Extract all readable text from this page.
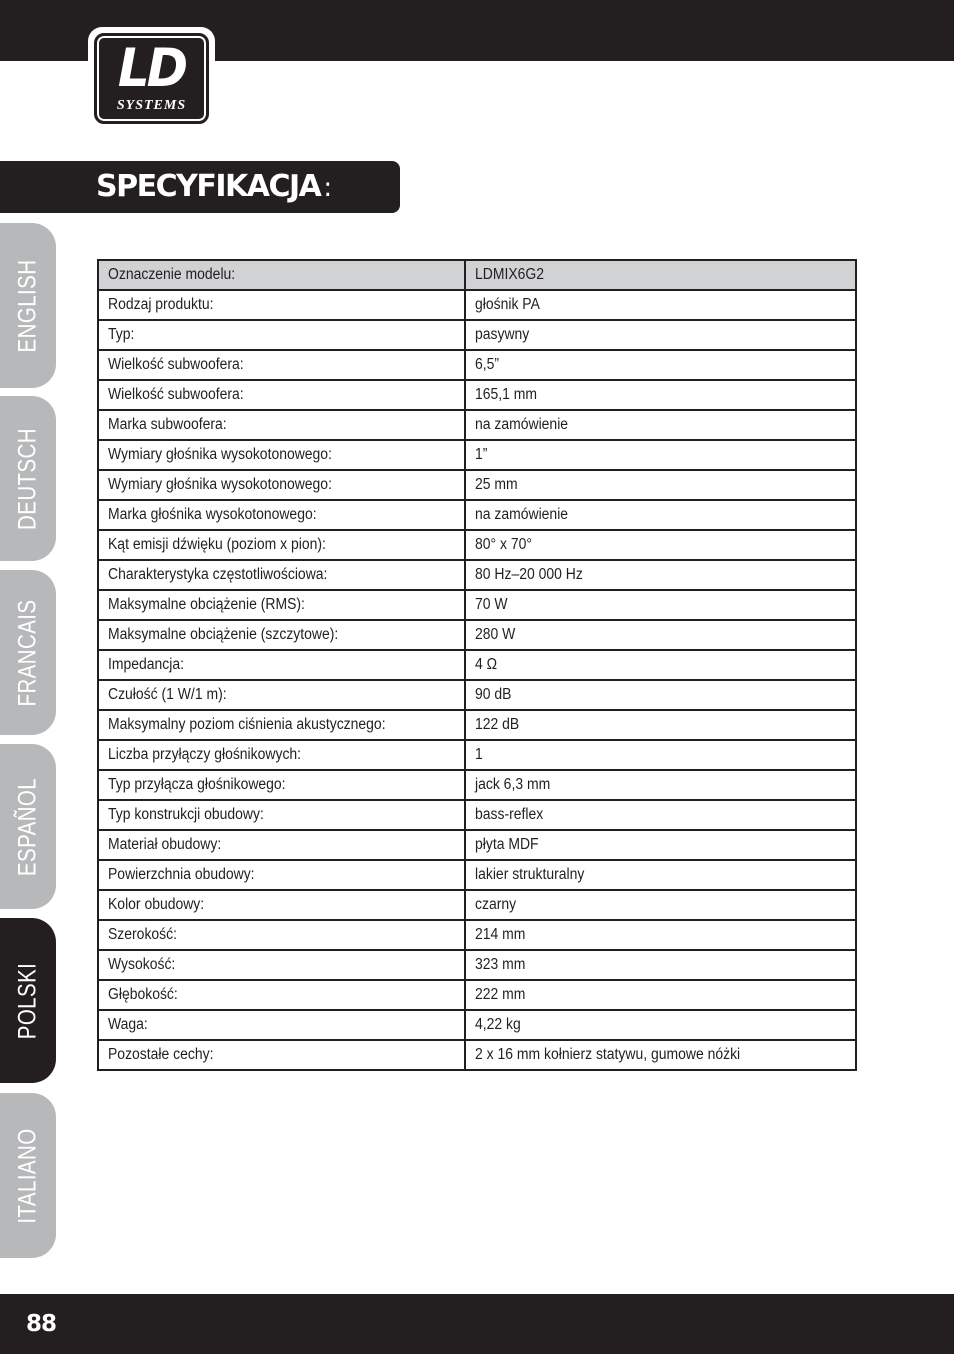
LD
SYSTEMS
SPECYFIKACJA :
ENGLISH
DEUTSCH
FRANCAIS
ESPAÑOL
POLSKI
ITALIANO
Oznaczenie modelu:	LDMIX6G2
Rodzaj produktu:	głośnik PA
Typ:	pasywny
Wielkość subwoofera:	6,5”
Wielkość subwoofera:	165,1 mm
Marka subwoofera:	na zamówienie
Wymiary głośnika wysokotonowego:	1”
Wymiary głośnika wysokotonowego:	25 mm
Marka głośnika wysokotonowego:	na zamówienie
Kąt emisji dźwięku (poziom x pion):	80° x 70°
Charakterystyka częstotliwościowa:	80 Hz–20 000 Hz
Maksymalne obciążenie (RMS):	70 W
Maksymalne obciążenie (szczytowe):	280 W
Impedancja:	4 Ω
Czułość (1 W/1 m):	90 dB
Maksymalny poziom ciśnienia akustycznego:	122 dB
Liczba przyłączy głośnikowych:	1
Typ przyłącza głośnikowego:	jack 6,3 mm
Typ konstrukcji obudowy:	bass-reflex
Materiał obudowy:	płyta MDF
Powierzchnia obudowy:	lakier strukturalny
Kolor obudowy:	czarny
Szerokość:	214 mm
Wysokość:	323 mm
Głębokość:	222 mm
Waga:	4,22 kg
Pozostałe cechy:	2 x 16 mm kołnierz statywu, gumowe nóżki
88
